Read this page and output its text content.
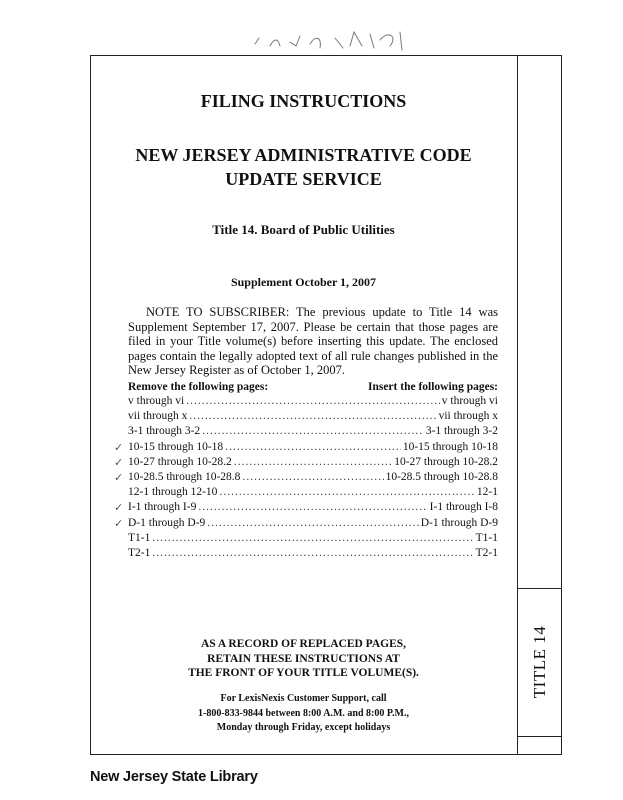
TITLE 14
FILING INSTRUCTIONS
NEW JERSEY ADMINISTRATIVE CODE
UPDATE SERVICE
Title 14. Board of Public Utilities
Supplement October 1, 2007
NOTE TO SUBSCRIBER: The previous update to Title 14 was Supplement September 17, 2007. Please be certain that those pages are filed in your Title volume(s) before inserting this update. The enclosed pages contain the legally adopted text of all rule changes published in the New Jersey Register as of October 1, 2007.
Remove the following pages:	Insert the following pages:
v through vi .....	v through vi
vii through x .....	vii through x
3-1 through 3-2 .....	3-1 through 3-2
✓ 10-15 through 10-18 .....	10-15 through 10-18
✓ 10-27 through 10-28.2 .....	10-27 through 10-28.2
✓ 10-28.5 through 10-28.8 .....	10-28.5 through 10-28.8
12-1 through 12-10 .....	12-1
✓ I-1 through I-9 .....	I-1 through I-8
✓ D-1 through D-9 .....	D-1 through D-9
T1-1 .....	T1-1
T2-1 .....	T2-1
AS A RECORD OF REPLACED PAGES,
RETAIN THESE INSTRUCTIONS AT
THE FRONT OF YOUR TITLE VOLUME(S).
For LexisNexis Customer Support, call
1-800-833-9844 between 8:00 A.M. and 8:00 P.M.,
Monday through Friday, except holidays
New Jersey State Library
